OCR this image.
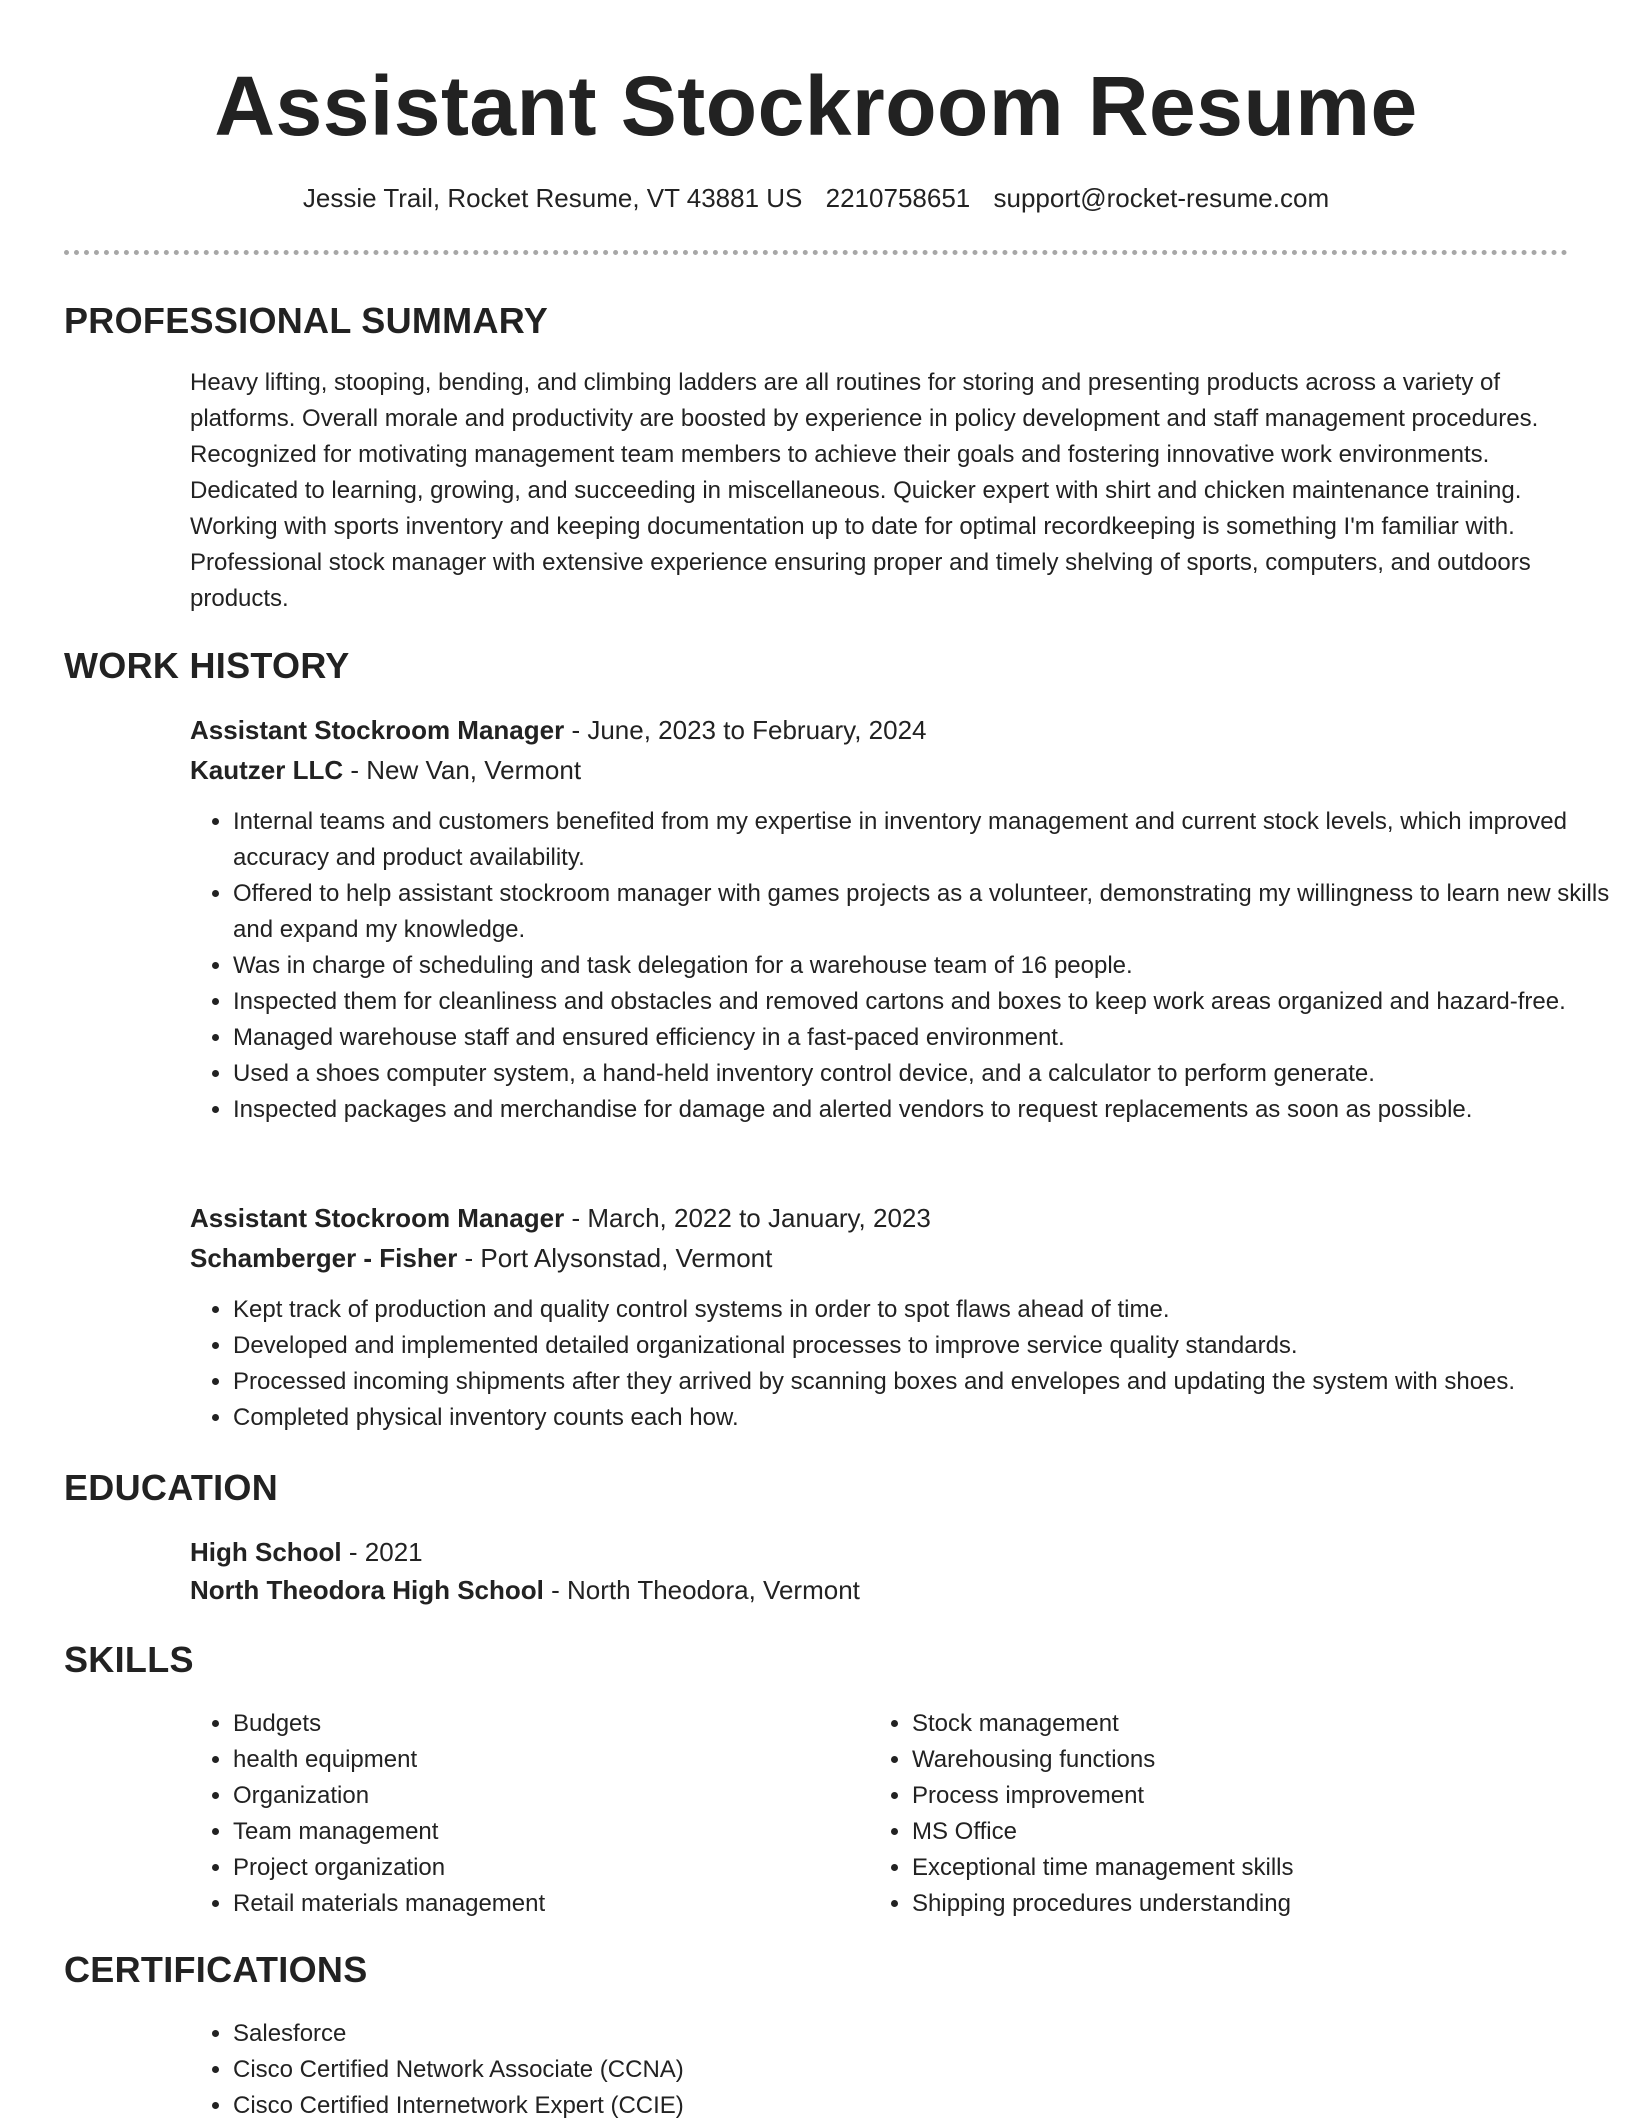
Assistant Stockroom Resume
Jessie Trail, Rocket Resume, VT 43881 US 2210758651 support@rocket-resume.com
PROFESSIONAL SUMMARY

Heavy lifting, stooping, bending, and climbing ladders are all routines for storing and presenting products across a variety of platforms. Overall morale and productivity are boosted by experience in policy development and staff management procedures. Recognized for motivating management team members to achieve their goals and fostering innovative work environments. Dedicated to learning, growing, and succeeding in miscellaneous. Quicker expert with shirt and chicken maintenance training. Working with sports inventory and keeping documentation up to date for optimal recordkeeping is something I'm familiar with. Professional stock manager with extensive experience ensuring proper and timely shelving of sports, computers, and outdoors products.

WORK HISTORY
Assistant Stockroom Manager - June, 2023 to February, 2024
Kautzer LLC - New Van, Vermont
• Internal teams and customers benefited from my expertise in inventory management and current stock levels, which improved accuracy and product availability.
• Offered to help assistant stockroom manager with games projects as a volunteer, demonstrating my willingness to learn new skills and expand my knowledge.
• Was in charge of scheduling and task delegation for a warehouse team of 16 people.
• Inspected them for cleanliness and obstacles and removed cartons and boxes to keep work areas organized and hazard-free.
• Managed warehouse staff and ensured efficiency in a fast-paced environment.
• Used a shoes computer system, a hand-held inventory control device, and a calculator to perform generate.
• Inspected packages and merchandise for damage and alerted vendors to request replacements as soon as possible.
Assistant Stockroom Manager - March, 2022 to January, 2023
Schamberger - Fisher - Port Alysonstad, Vermont
• Kept track of production and quality control systems in order to spot flaws ahead of time.
• Developed and implemented detailed organizational processes to improve service quality standards.
• Processed incoming shipments after they arrived by scanning boxes and envelopes and updating the system with shoes.
• Completed physical inventory counts each how.
EDUCATION
High School - 2021
North Theodora High School - North Theodora, Vermont
SKILLS
• Budgets
• health equipment
• Organization
• Team management
• Project organization
• Retail materials management
• Stock management
• Warehousing functions
• Process improvement
• MS Office
• Exceptional time management skills
• Shipping procedures understanding
CERTIFICATIONS
• Salesforce
• Cisco Certified Network Associate (CCNA)
• Cisco Certified Internetwork Expert (CCIE)
